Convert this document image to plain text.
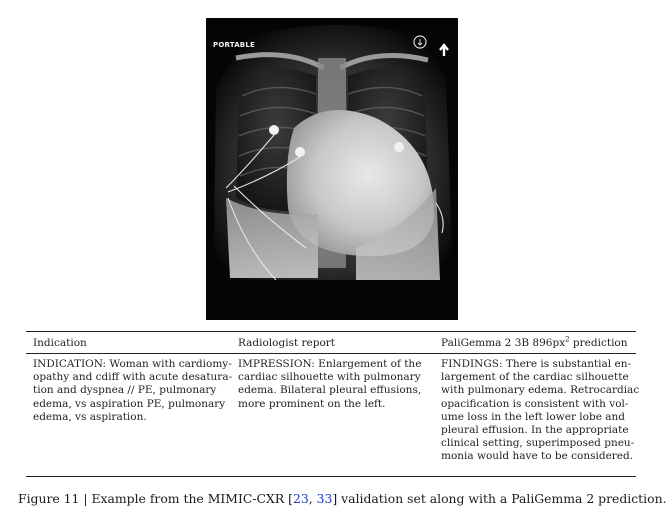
PORTABLE
Indication	Radiologist report	PaliGemma 2 3B $896px^2$ prediction
INDICATION: Woman with cardiomy-
opathy and cdiff with acute desatura-
tion and dyspnea // PE, pulmonary
edema, vs aspiration PE, pulmonary
edema, vs aspiration.
IMPRESSION: Enlargement of the
cardiac silhouette with pulmonary
edema. Bilateral pleural effusions,
more prominent on the left.
FINDINGS: There is substantial en-
largement of the cardiac silhouette
with pulmonary edema. Retrocardiac
opacification is consistent with vol-
ume loss in the left lower lobe and
pleural effusion. In the appropriate
clinical setting, superimposed pneu-
monia would have to be considered.
Figure 11 | Example from the MIMIC-CXR [23, 33] validation set along with a PaliGemma 2 prediction.
